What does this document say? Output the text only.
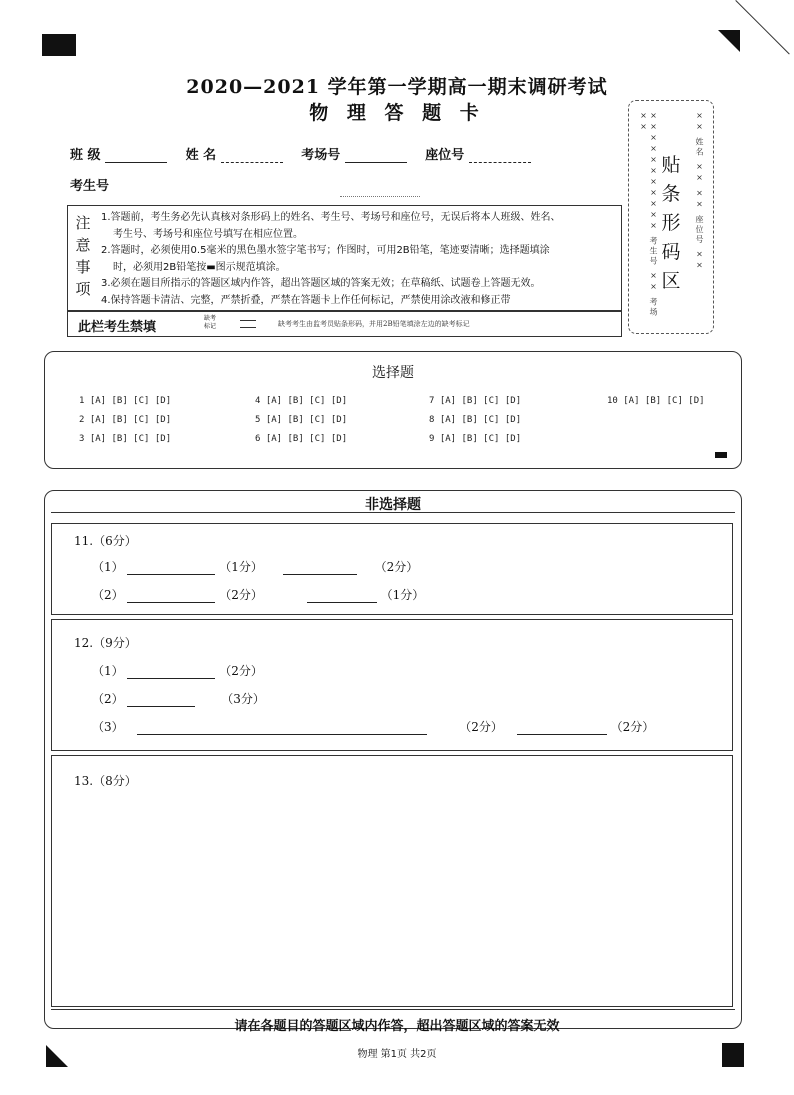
2020—2021 学年第一学期高一期末调研考试
物 理 答 题 卡
班 级	姓 名	考场号	座位号
考生号
注
意
事
项
1.答题前，考生务必先认真核对条形码上的姓名、考生号、考场号和座位号，无误后将本人班级、姓名、
考生号、考场号和座位号填写在相应位置。
2.答题时，必须使用0.5毫米的黑色墨水签字笔书写；作图时，可用2B铅笔，笔迹要清晰；选择题填涂
时，必须用2B铅笔按▬图示规范填涂。
3.必须在题目所指示的答题区域内作答，超出答题区域的答案无效；在草稿纸、试题卷上答题无效。
4.保持答题卡清洁、完整，严禁折叠，严禁在答题卡上作任何标记，严禁使用涂改液和修正带
此栏考生禁填
缺考标记	缺考考生由监考员贴条形码，并用2B铅笔填涂左边的缺考标记
××××××××××× 考生号 ×× 考场 ××
贴
条
形
码
区
×× 姓名 ×× ×× 座位号 ××
选择题
1 [A] [B] [C] [D]	4 [A] [B] [C] [D]	7 [A] [B] [C] [D]	10 [A] [B] [C] [D]
2 [A] [B] [C] [D]	5 [A] [B] [C] [D]	8 [A] [B] [C] [D]
3 [A] [B] [C] [D]	6 [A] [B] [C] [D]	9 [A] [B] [C] [D]
非选择题
11.（6分）
（1）	（1分）	（2分）
（2）	（2分）	（1分）
12.（9分）
（1）	（2分）
（2）	（3分）
（3）	（2分）	（2分）
13.（8分）
请在各题目的答题区域内作答，超出答题区域的答案无效
物理 第1页 共2页
